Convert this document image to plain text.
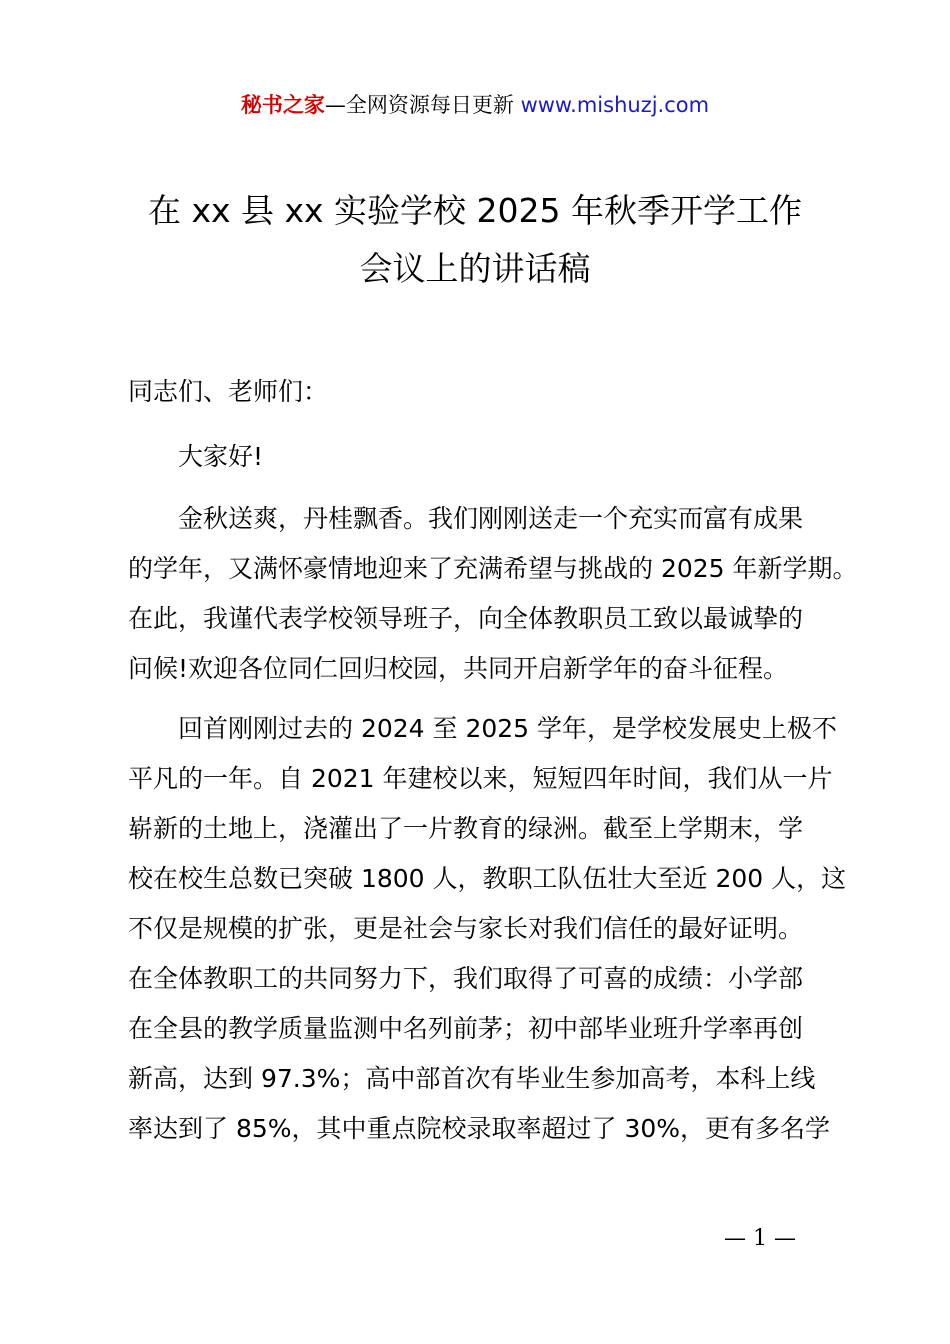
秘书之家—全网资源每日更新 www.mishuzj.com
在 xx 县 xx 实验学校 2025 年秋季开学工作
会议上的讲话稿
同志们、老师们：
大家好!
金秋送爽，丹桂飘香。我们刚刚送走一个充实而富有成果
的学年，又满怀豪情地迎来了充满希望与挑战的 2025 年新学期。
在此，我谨代表学校领导班子，向全体教职员工致以最诚挚的
问候!欢迎各位同仁回归校园，共同开启新学年的奋斗征程。
回首刚刚过去的 2024 至 2025 学年，是学校发展史上极不
平凡的一年。自 2021 年建校以来，短短四年时间，我们从一片
崭新的土地上，浇灌出了一片教育的绿洲。截至上学期末，学
校在校生总数已突破 1800 人，教职工队伍壮大至近 200 人，这
不仅是规模的扩张，更是社会与家长对我们信任的最好证明。
在全体教职工的共同努力下，我们取得了可喜的成绩：小学部
在全县的教学质量监测中名列前茅；初中部毕业班升学率再创
新高，达到 97.3%；高中部首次有毕业生参加高考，本科上线
率达到了 85%，其中重点院校录取率超过了 30%，更有多名学
— 1 —
